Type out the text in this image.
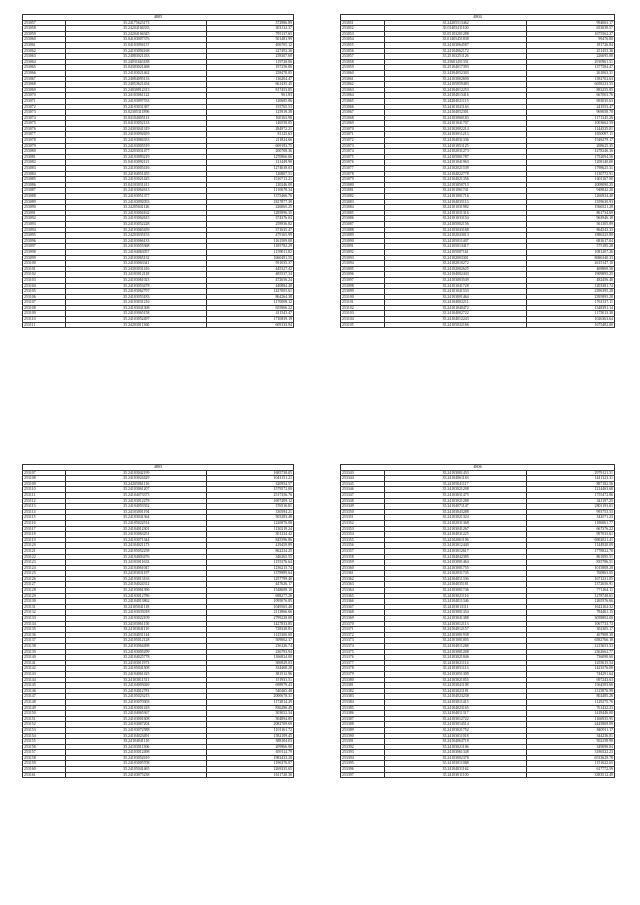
4805		
253057	35.24175623173	372986.89
253058	35.24204166335	303132.37
253059	35.24204166345	795137.65
253060	35.04103007376	501481.99
253061	35.04103094137	406705.12
253062	35.24103094168	227493.36
253063	35.24083021433	258307.68
253064	35.24031663188	119726.06
253065	35.04303021468	197256.80
253066	35.24103021462	258478.05
253067	35.24084095133	136204.47
253068	35.24053621454	661435.45
253069	35.24030812313	817453.85
253070	35.24103061122	961.83
253071	35.24103097533	120685.86
253072	35.24103031387	155765.53
253073	35.02305311896	125919.38
253074	35.04104005113	160163.98
253075	35.04103052133	146558.05
253076	35.24303041319	284972.21
253077	35.24103092659	81125.63
253078	35.24103084353	211824.66
253079	35.24103005519	669193.75
253080	35.24203031477	200708.36
253081	35.24103093219	1270866.06
253082	35.04103092121	121449.90
253083	35.24103005416	1274638.03
253084	35.24104051455	126807.51
253085	35.24103021425	1510713.21
253086	35.04103031411	120246.00
253087	35.24103062613	1110678.34
253088	35.24103051377	1375466.76
253089	35.24103092053	1827877.38
253090	35.24205041126	226065.25
253091	35.24103004162	1285896.35
253092	35.24103062615	374376.04
253093	35.24103052228	258936.82
253094	35.24103065459	371635.47
253095	35.24203035153	479165.99
253096	35.24103066133	1161509.00
253097	35.24103055368	1185782.29
253098	35.24104063057	1159011.82
253099	35.24103065132	1660491.55
253100	35.24103063341	591035.37
253101	35.24303031416	445327.42
253102	35.24103012118	485537.34
253103	35.24103061023	472656.24
253104	35.24103053478	440884.40
253105	35.24103062797	1427005.61
253106	35.24103053183	864264.38
253107	35.24103031216	1170008.12
253108	35.24103041308	655866.22
253109	35.24103065158	411543.47
253110	35.24103052497	1710839.19
253111	35.24203011360	609133.94
4804		
253051	35.24205513462	994063.17
253052	35.01405411100	653039.57
253053	35.05103201288	1675562.27
253054	35.01405451838	99476.80
253055	35.24103064587	181726.84
253056	35.24104062172	251453.36
253057	35.25103251126	226695.08
253058	35.25601451331	2910961.51
253059	35.25104017393	1377584.47
253060	35.24304052303	261063.31
253061	35.24103002690	1392702.63
253062	35.24105059483	6658233.55
253063	35.24104012253	883255.85
253064	35.24104013416	667003.76
253065	35.24204021115	693035.63
253066	35.24101041163	241553.47
253067	35.24104052301	969058.70
253068	35.24103060183	1171345.26
253069	35.24101041707	1003662.59
253070	35.24102002214	1144525.01
253071	35.24103011213	1650097.11
253072	35.24104031336	1548279.17
253073	35.24101051125	268625.35
253074	35.24102031273	1278246.36
253075	35.24105001787	1752094.56
253076	35.24101041963	1208140.00
253077	35.24102021539	1798625.31
253078	35.24104022778	1130772.91
253079	35.24104021356	1401167.90
253080	35.24103050713	2008090.25
253081	35.24101061741	948842.20
253082	35.24101001716	1266934.40
253083	35.24104035113	1359630.93
253084	35.24101031982	1566521.28
253085	35.24101031316	861734.69
253086	35.24101033154	963946.18
253087	35.24105002156	561305.89
253088	35.24103043168	864543.33
253089	35.24102043013	1886325.80
253090	35.24105011407	681617.04
253091	35.24105013417	575185.28
253092	35.24105007161	1081207.26
253093	35.24102003301	8686340.33
253094	35.24102010272	2615147.10
253095	35.24102002625	469869.58
253096	35.24104002443	1909895.25
253097	35.24103003549	482456.40
253098	35.24101041728	1203381.74
253099	35.24101041533	2396395.28
253100	35.24103001464	2395895.28
253101	35.24104002211	1761317.11
253102	35.24101040472	1348391.14
253103	35.24104002722	1175013.30
253104	35.24104012243	1026363.64
253105	35.24105032166	1675482.00
4805		
253107	35.24103042199	1685738.05
253108	35.24103024429	1043151.21
253109	35.24205061116	320954.57
253110	35.24103061207	1579572.00
253111	35.24104073373	2517356.76
253112	35.24103012278	1697409.12
253113	35.24104053352	376516.81
253114	35.24103001194	330594.21
253115	35.24103041364	505283.48
253116	35.24105022514	1226976.08
253117	35.24104012301	1130219.24
253118	35.24103063251	301234.42
253119	35.24103071344	845596.86
253120	35.24104021173	419459.89
253121	35.24105052258	862234.25
253122	35.24104003476	346265.55
253123	35.24103011633	1155376.64
253124	35.24104061047	1236215.74
253125	35.24103031197	1378989.64
253126	35.24103013163	1257799.40
253127	35.24104024312	447626.17
253128	35.24103061396	1548608.10
253129	35.24103012786	698277.26
253130	35.24104013862	1095076.85
253131	35.24105041118	1049565.46
253132	35.24103035018	2113866.66
253133	35.24103022109	2799228.00
253134	35.24103061150	1427833.85
253135	35.24103041110	728328.81
253136	35.24104031144	1125300.00
253137	35.24105012128	509002.37
253138	35.24103064498	236126.74
253139	35.24103005299	236793.94
253140	35.24104025778	1166824.00
253141	35.24103011973	306929.03
253142	35.24105041508	334468.28
253143	35.24104061425	381512.96
253144	35.24103011511	151931.51
253145	35.24104003026	698979.43
253146	35.24104012781	540465.48
253147	35.24105023215	2000678.31
253148	35.24103070303	1172814.29
253149	35.24103001418	836286.49
253150	35.24104065367	303052.34
253151	35.24103001608	504894.85
253152	35.24103067204	2082709.69
253153	35.24103072588	1101161.72
253154	35.24104023491	1582109.45
253155	35.24104041110	388104.03
253156	35.24103011306	209966.90
253157	35.24103012498	659112.79
253158	35.24103052619	1982433.20
253159	35.24103005708	1196376.07
253160	35.24105041465	2269335.65
253161	35.24103075238	1611720.30
4806		
253343	35.24103001453	2979121.51
253344	35.24104061163	1441323.31
253345	35.24105041117	887182.56
253346	35.24103021208	1214463.68
253347	35.24103031475	1755472.86
253348	35.24103021288	341197.25
253349	35.24104071147	2801193.01
253350	35.24103043288	993753.53
253351	35.24103021324	342571.23
253352	35.24102031368	1186061.77
253353	35.24103041267	667376.22
253354	35.24104031225	997033.61
253355	35.24102061106	6902021.41
253356	35.24103012440	1144920.09
253357	35.24103012617	1778822.70
253358	35.24104042385	861095.51
253359	35.24103001464	835786.51
253360	35.24103001755	1015808.28
253361	35.24102031745	760863.05
253362	35.24104011336	1671231.05
253363	35.24104035181	1372656.91
253364	35.24103001746	771264.11
253365	35.24103021116	1278748.61
253366	35.24104011346	1265576.66
253367	35.24103013111	1622162.32
253368	35.24103001354	784461.15
253369	35.24103041388	3058802.00
253370	35.24103012113	1067733.73
253371	35.24104012157	302305.17
253372	35.24103001938	467908.39
253373	35.24101001005	6582766.18
253374	35.24104011268	1215653.53
253375	35.24103001208	2362662.77
253376	35.24103021046	736090.60
253377	35.24103021114	1255615.54
253378	35.24103051113	1423576.08
253379	35.24103051309	744291.64
253380	35.24103021055	697243.63
253381	35.24103041108	1564583.66
253382	35.24103021181	1315876.99
253383	35.24104023238	802485.26
253384	35.24103011415	1129275.76
253385	35.24104023165	761432.23
253386	35.24104011317	1418446.00
253387	35.24103012722	1166935.95
253388	35.24103014514	2445869.09
253389	35.24103021752	840911.17
253390	35.24103011018	344236.01
253391	35.24104064718	502258.98
253392	35.24103021106	349098.84
253393	35.24103061348	3186522.23
253394	35.24103002378	6533629.78
253395	35.24103011068	1151622.65
253396	35.24104031162	617772.59
253397	35.24103011100	3383512.49
